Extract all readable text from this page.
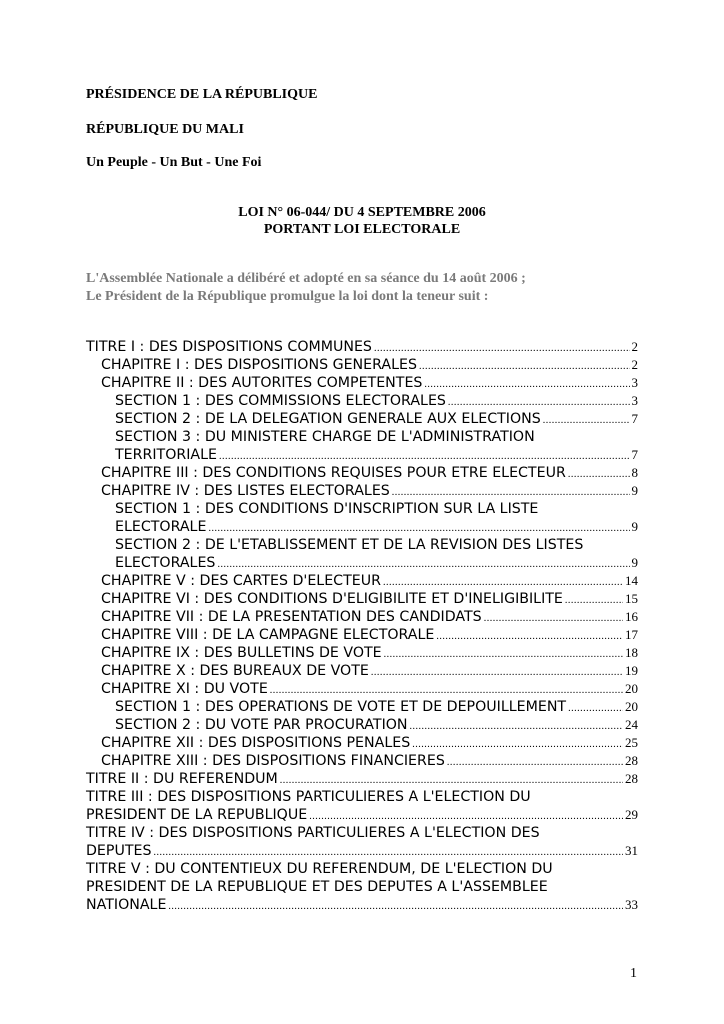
PRÉSIDENCE DE LA RÉPUBLIQUE
RÉPUBLIQUE DU MALI
Un Peuple - Un But - Une Foi
LOI N° 06-044/ DU 4 SEPTEMBRE 2006
PORTANT LOI ELECTORALE
L'Assemblée Nationale a délibéré et adopté en sa séance du 14 août 2006 ;
Le Président de la République promulgue la loi dont la teneur suit :
TITRE I : DES DISPOSITIONS COMMUNES .....	2
CHAPITRE I : DES DISPOSITIONS GENERALES .....	2
CHAPITRE II : DES AUTORITES COMPETENTES .....	3
SECTION 1 : DES COMMISSIONS ELECTORALES .....	3
SECTION 2 : DE LA DELEGATION GENERALE AUX ELECTIONS .....	7
SECTION 3 : DU MINISTERE CHARGE DE L'ADMINISTRATION
TERRITORIALE .....	7
CHAPITRE III : DES CONDITIONS REQUISES POUR ETRE ELECTEUR .....	8
CHAPITRE IV : DES LISTES ELECTORALES .....	9
SECTION 1 : DES CONDITIONS D'INSCRIPTION SUR LA LISTE
ELECTORALE .....	9
SECTION 2 : DE L'ETABLISSEMENT ET DE LA REVISION DES LISTES
ELECTORALES .....	9
CHAPITRE V : DES CARTES D'ELECTEUR .....	14
CHAPITRE VI : DES CONDITIONS D'ELIGIBILITE ET D'INELIGIBILITE .....	15
CHAPITRE VII : DE LA PRESENTATION DES CANDIDATS .....	16
CHAPITRE VIII : DE LA CAMPAGNE ELECTORALE .....	17
CHAPITRE IX : DES BULLETINS DE VOTE .....	18
CHAPITRE X : DES BUREAUX DE VOTE .....	19
CHAPITRE XI : DU VOTE .....	20
SECTION 1 : DES OPERATIONS DE VOTE ET DE DEPOUILLEMENT .....	20
SECTION 2 : DU VOTE PAR PROCURATION .....	24
CHAPITRE XII : DES DISPOSITIONS PENALES .....	25
CHAPITRE XIII : DES DISPOSITIONS FINANCIERES .....	28
TITRE II : DU REFERENDUM .....	28
TITRE III : DES DISPOSITIONS PARTICULIERES A L'ELECTION DU
PRESIDENT DE LA REPUBLIQUE .....	29
TITRE IV : DES DISPOSITIONS PARTICULIERES A L'ELECTION DES
DEPUTES .....	31
TITRE V : DU CONTENTIEUX DU REFERENDUM, DE L'ELECTION DU
PRESIDENT DE LA REPUBLIQUE ET DES DEPUTES A L'ASSEMBLEE
NATIONALE .....	33
1
